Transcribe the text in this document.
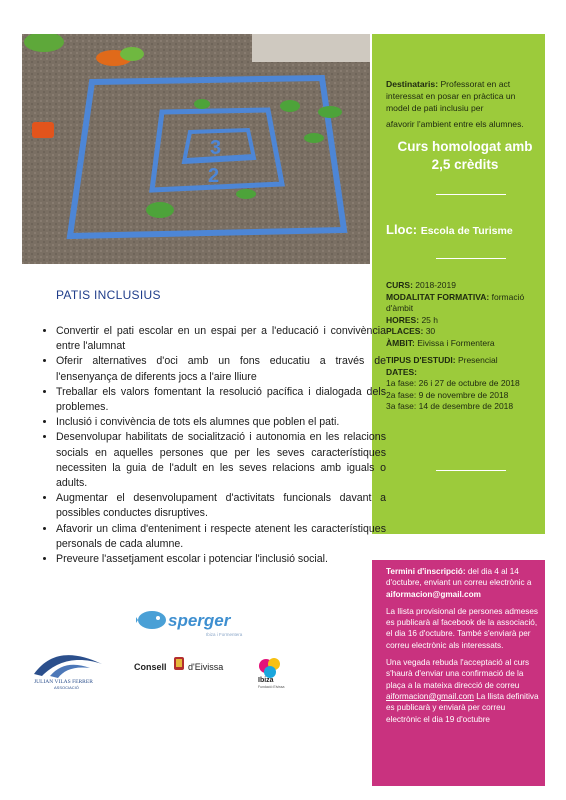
3
2
Destinataris: Professorat en act interessat en posar en pràctica un model de pati inclusiu per
afavorir l'ambient entre els alumnes.
Curs homologat amb
2,5 crèdits
Lloc: Escola de Turisme
CURS: 2018-2019
MODALITAT FORMATIVA: formació d'àmbit
HORES: 25 h
PLACES: 30
ÀMBIT: Eivissa i Formentera
TIPUS D'ESTUDI: Presencial
DATES:
1a fase: 26 i 27 de octubre de 2018
2a fase: 9 de novembre de 2018
3a fase: 14 de desembre de 2018

Termini d'inscripció: del dia 4 al 14 d'octubre, enviant un correu electrònic a aiformacion@gmail.com

La llista provisional de persones admeses es publicarà al facebook de la associació, el dia 16 d'octubre. També s'enviarà per correu electrònic als interessats.

Una vegada rebuda l'acceptació al curs s'haurà d'enviar una confirmació de la plaça a la mateixa direcció de correu aiformacion@gmail.com La llista definitiva es publicarà y enviarà per correu electrònic el dia 19 d'octubre

PATIS INCLUSIUS
• Convertir el pati escolar en un espai per a l'educació i convivència entre l'alumnat
• Oferir alternatives d'oci amb un fons educatiu a través de l'ensenyança de diferents jocs a l'aire lliure
• Treballar els valors fomentant la resolució pacífica i dialogada dels problemes.
• Inclusió i convivència de tots els alumnes que poblen el pati.
• Desenvolupar habilitats de socialització i autonomia en les relacions socials en aquelles persones que per les seves característiques necessiten la guia de l'adult en les seves relacions amb iguals o adults.
• Augmentar el desenvolupament d'activitats funcionals davant a possibles conductes disruptives.
• Afavorir un clima d'enteniment i respecte atenent les característiques personals de cada alumne.
• Preveure l'assetjament escolar i potenciar l'inclusió social.
sperger
Ibiza i Formentera
JULIAN VILAS FERRER
ASSOCIACIÓ
Consell d'Eivissa
Ibiza
Fundació Eivissa
